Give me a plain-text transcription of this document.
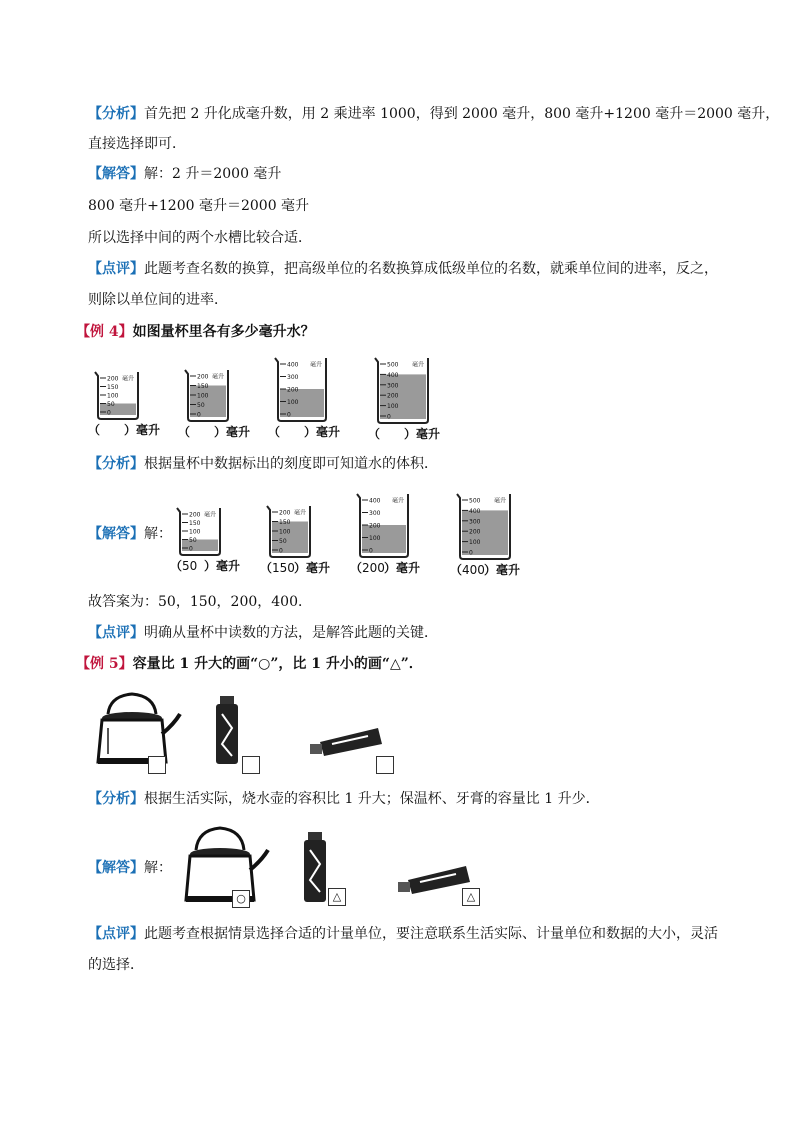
【分析】首先把 2 升化成毫升数，用 2 乘进率 1000，得到 2000 毫升，800 毫升+1200 毫升＝2000 毫升，
直接选择即可．
【解答】解：2 升＝2000 毫升
800 毫升+1200 毫升＝2000 毫升
所以选择中间的两个水槽比较合适．
【点评】此题考查名数的换算，把高级单位的名数换算成低级单位的名数，就乘单位间的进率，反之，
则除以单位间的进率．
【例 4】如图量杯里各有多少毫升水？
200
150
100
50
0
毫升
（　　）毫升
200
150
100
50
0
毫升
（　　）毫升
400
300
200
100
0
毫升
（　　）毫升
500
400
300
200
100
0
毫升
（　　）毫升
【分析】根据量杯中数据标出的刻度即可知道水的体积．
【解答】解：
200
150
100
50
0
毫升
（ 50 ）毫升
200
150
100
50
0
毫升
（ 150 ）毫升
400
300
200
100
0
毫升
（ 200 ）毫升
500
400
300
200
100
0
毫升
（ 400 ）毫升
故答案为：50，150，200，400．
【点评】明确从量杯中读数的方法，是解答此题的关键．
【例 5】容量比 1 升大的画“○”，比 1 升小的画“△”．
【分析】根据生活实际，烧水壶的容积比 1 升大；保温杯、牙膏的容量比 1 升少．
【解答】解：
○	△	△
【点评】此题考查根据情景选择合适的计量单位，要注意联系生活实际、计量单位和数据的大小，灵活
的选择．
